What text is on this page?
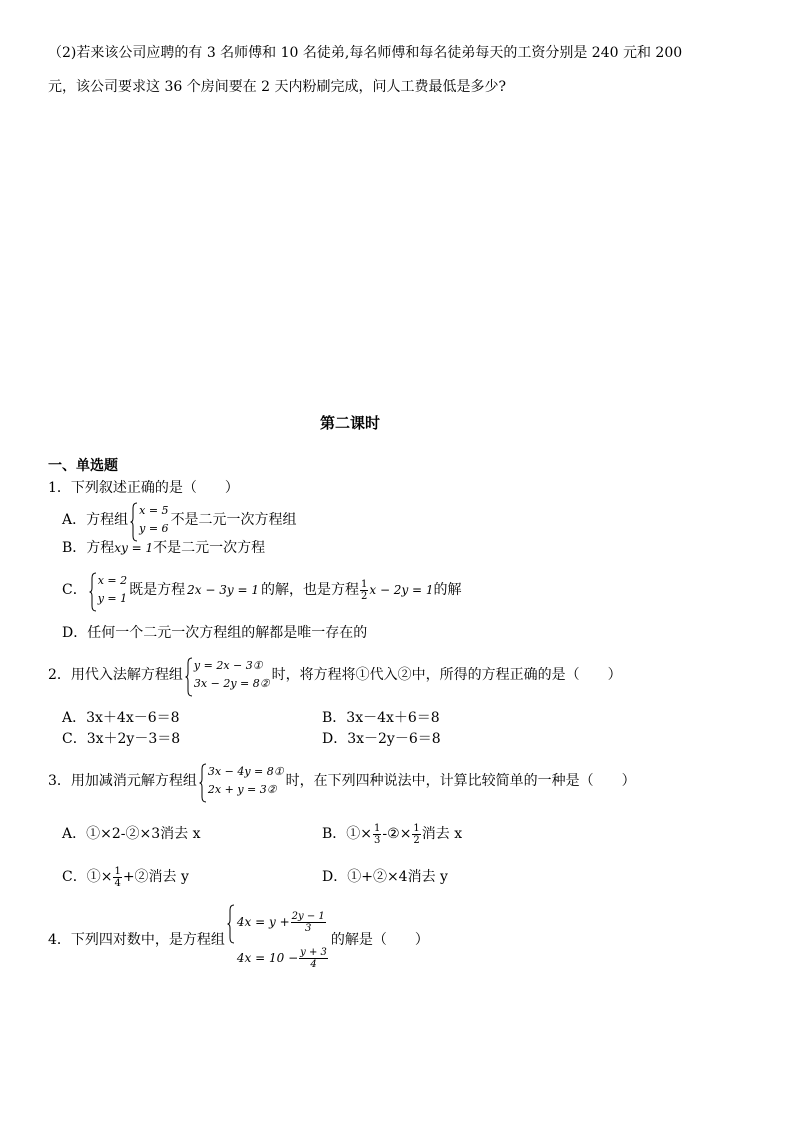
（2)若来该公司应聘的有 3 名师傅和 10 名徒弟,每名师傅和每名徒弟每天的工资分别是 240 元和 200
元，该公司要求这 36 个房间要在 2 天内粉刷完成，问人工费最低是多少?
第二课时
一、单选题
1．下列叙述正确的是（　　）
A．方程组
x = 5
y = 6
不是二元一次方程组
B．方程xy = 1不是二元一次方程
C．
x = 2
y = 1
既是方程 2x − 3y = 1 的解，也是方程 $\frac{1}{2}$ x − 2y = 1 的解
D．任何一个二元一次方程组的解都是唯一存在的
2．用代入法解方程组
y = 2x − 3①
3x − 2y = 8②
时，将方程将①代入②中，所得的方程正确的是（　　）
A．3x＋4x－6＝8	B．3x－4x＋6＝8
C．3x＋2y－3＝8	D．3x－2y－6＝8
3．用加减消元解方程组
3x − 4y = 8①
2x + y = 3②
时，在下列四种说法中，计算比较简单的一种是（　　）
A．①×2-②×3消去 x	B．①× $\frac{1}{3}$ -②× $\frac{1}{2}$ 消去 x
C．①× $\frac{1}{4}$ +②消去 y	D．①+②×4消去 y
4．下列四对数中，是方程组
$4x = y + \frac{2y - 1}{3}$
$4x = 10 - \frac{y + 3}{4}$
的解是（　　）
